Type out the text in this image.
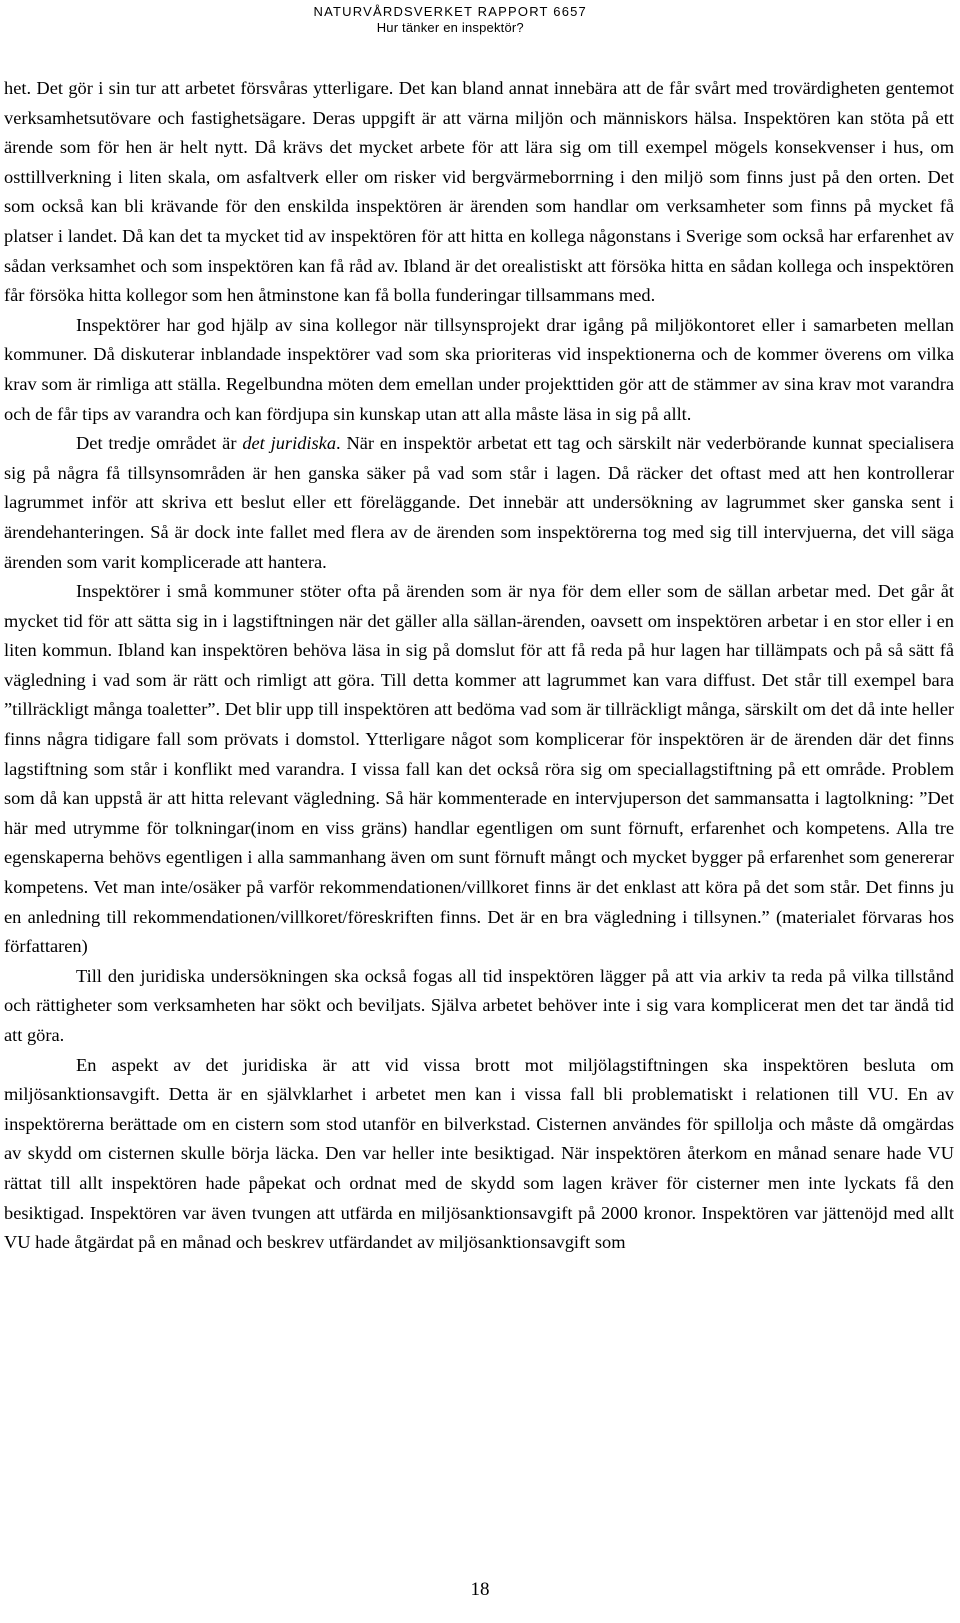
NATURVÅRDSVERKET RAPPORT 6657
Hur tänker en inspektör?

het. Det gör i sin tur att arbetet försvåras ytterligare. Det kan bland annat innebära att de får svårt med trovärdigheten gentemot verksamhetsutövare och fastighetsägare. Deras uppgift är att värna miljön och människors hälsa. Inspektören kan stöta på ett ärende som för hen är helt nytt. Då krävs det mycket arbete för att lära sig om till exempel mögels konsekvenser i hus, om osttillverkning i liten skala, om asfaltverk eller om risker vid bergvärmeborrning i den miljö som finns just på den orten. Det som också kan bli krävande för den enskilda inspektören är ärenden som handlar om verksamheter som finns på mycket få platser i landet. Då kan det ta mycket tid av inspektören för att hitta en kollega någonstans i Sverige som också har erfarenhet av sådan verksamhet och som inspektören kan få råd av. Ibland är det orealistiskt att försöka hitta en sådan kollega och inspektören får försöka hitta kollegor som hen åtminstone kan få bolla funderingar tillsammans med.

Inspektörer har god hjälp av sina kollegor när tillsynsprojekt drar igång på miljökontoret eller i samarbeten mellan kommuner. Då diskuterar inblandade inspektörer vad som ska prioriteras vid inspektionerna och de kommer överens om vilka krav som är rimliga att ställa. Regelbundna möten dem emellan under projekttiden gör att de stämmer av sina krav mot varandra och de får tips av varandra och kan fördjupa sin kunskap utan att alla måste läsa in sig på allt.

Det tredje området är det juridiska. När en inspektör arbetat ett tag och särskilt när vederbörande kunnat specialisera sig på några få tillsynsområden är hen ganska säker på vad som står i lagen. Då räcker det oftast med att hen kontrollerar lagrummet inför att skriva ett beslut eller ett föreläggande. Det innebär att undersökning av lagrummet sker ganska sent i ärendehanteringen. Så är dock inte fallet med flera av de ärenden som inspektörerna tog med sig till intervjuerna, det vill säga ärenden som varit komplicerade att hantera.

Inspektörer i små kommuner stöter ofta på ärenden som är nya för dem eller som de sällan arbetar med. Det går åt mycket tid för att sätta sig in i lagstiftningen när det gäller alla sällan-ärenden, oavsett om inspektören arbetar i en stor eller i en liten kommun. Ibland kan inspektören behöva läsa in sig på domslut för att få reda på hur lagen har tillämpats och på så sätt få vägledning i vad som är rätt och rimligt att göra. Till detta kommer att lagrummet kan vara diffust. Det står till exempel bara ”tillräckligt många toaletter”. Det blir upp till inspektören att bedöma vad som är tillräckligt många, särskilt om det då inte heller finns några tidigare fall som prövats i domstol. Ytterligare något som komplicerar för inspektören är de ärenden där det finns lagstiftning som står i konflikt med varandra. I vissa fall kan det också röra sig om speciallagstiftning på ett område. Problem som då kan uppstå är att hitta relevant vägledning. Så här kommenterade en intervjuperson det sammansatta i lagtolkning: ”Det här med utrymme för tolkningar(inom en viss gräns) handlar egentligen om sunt förnuft, erfarenhet och kompetens. Alla tre egenskaperna behövs egentligen i alla sammanhang även om sunt förnuft mångt och mycket bygger på erfarenhet som genererar kompetens. Vet man inte/osäker på varför rekommendationen/villkoret finns är det enklast att köra på det som står. Det finns ju en anledning till rekommendationen/villkoret/föreskriften finns. Det är en bra vägledning i tillsynen.” (materialet förvaras hos författaren)

Till den juridiska undersökningen ska också fogas all tid inspektören lägger på att via arkiv ta reda på vilka tillstånd och rättigheter som verksamheten har sökt och beviljats. Själva arbetet behöver inte i sig vara komplicerat men det tar ändå tid att göra.

En aspekt av det juridiska är att vid vissa brott mot miljölagstiftningen ska inspektören besluta om miljösanktionsavgift. Detta är en självklarhet i arbetet men kan i vissa fall bli problematiskt i relationen till VU. En av inspektörerna berättade om en cistern som stod utanför en bilverkstad. Cisternen användes för spillolja och måste då omgärdas av skydd om cisternen skulle börja läcka. Den var heller inte besiktigad. När inspektören återkom en månad senare hade VU rättat till allt inspektören hade påpekat och ordnat med de skydd som lagen kräver för cisterner men inte lyckats få den besiktigad. Inspektören var även tvungen att utfärda en miljösanktionsavgift på 2000 kronor. Inspektören var jättenöjd med allt VU hade åtgärdat på en månad och beskrev utfärdandet av miljösanktionsavgift som

18
